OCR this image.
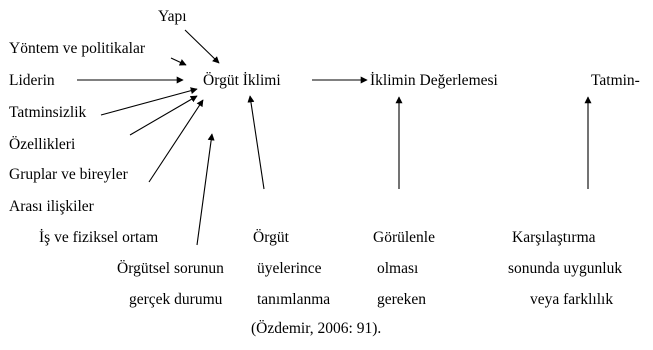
Yapı
Yöntem ve politikalar
Liderin
Tatminsizlik
Özellikleri
Gruplar ve bireyler
Arası ilişkiler
İş ve fiziksel ortam
Örgüt İklimi	İklimin Değerlemesi	Tatmin-
Örgütsel sorunun
gerçek durumu
Örgüt
üyelerince
tanımlanma
Görülenle
olması
gereken
Karşılaştırma
sonunda uygunluk
veya farklılık
(Özdemir, 2006: 91).
